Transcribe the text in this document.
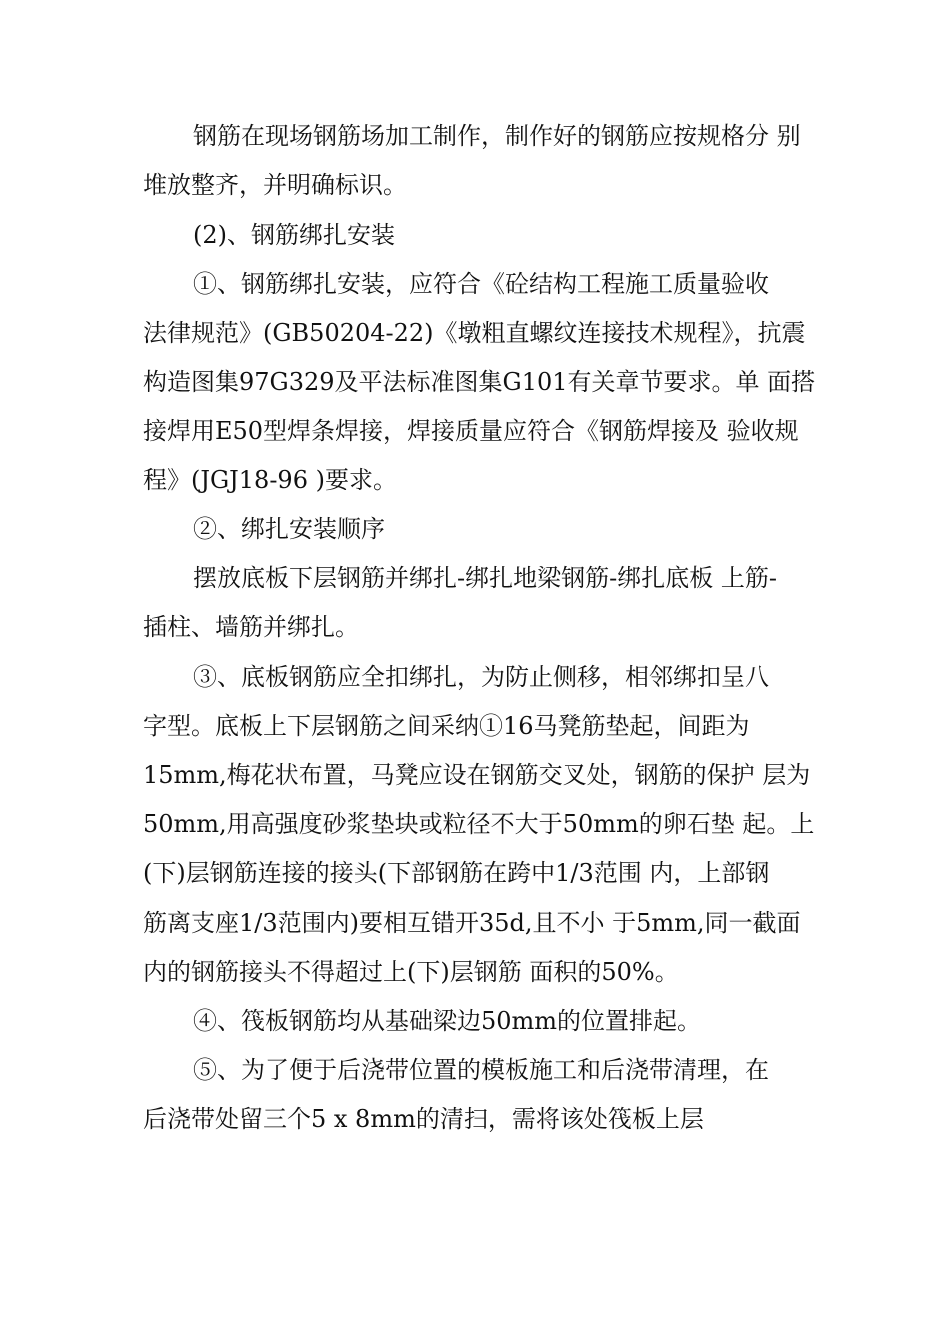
钢筋在现场钢筋场加工制作，制作好的钢筋应按规格分 别
堆放整齐，并明确标识。
(2)、钢筋绑扎安装
①、钢筋绑扎安装，应符合《砼结构工程施工质量验收
法律规范》(GB50204-22)《墩粗直螺纹连接技术规程》，抗震
构造图集97G329及平法标准图集G101有关章节要求。单 面搭
接焊用E50型焊条焊接，焊接质量应符合《钢筋焊接及 验收规
程》(JGJ18-96 )要求。
②、绑扎安装顺序
摆放底板下层钢筋并绑扎-绑扎地梁钢筋-绑扎底板 上筋-
插柱、墙筋并绑扎。
③、底板钢筋应全扣绑扎，为防止侧移，相邻绑扣呈八
字型。底板上下层钢筋之间采纳①16马凳筋垫起，间距为
15mm,梅花状布置，马凳应设在钢筋交叉处，钢筋的保护 层为
50mm,用高强度砂浆垫块或粒径不大于50mm的卵石垫 起。上
(下)层钢筋连接的接头(下部钢筋在跨中1/3范围 内，上部钢
筋离支座1/3范围内)要相互错开35d,且不小 于5mm,同一截面
内的钢筋接头不得超过上(下)层钢筋 面积的50%。
④、筏板钢筋均从基础梁边50mm的位置排起。
⑤、为了便于后浇带位置的模板施工和后浇带清理，在
后浇带处留三个5 x 8mm的清扫，需将该处筏板上层
